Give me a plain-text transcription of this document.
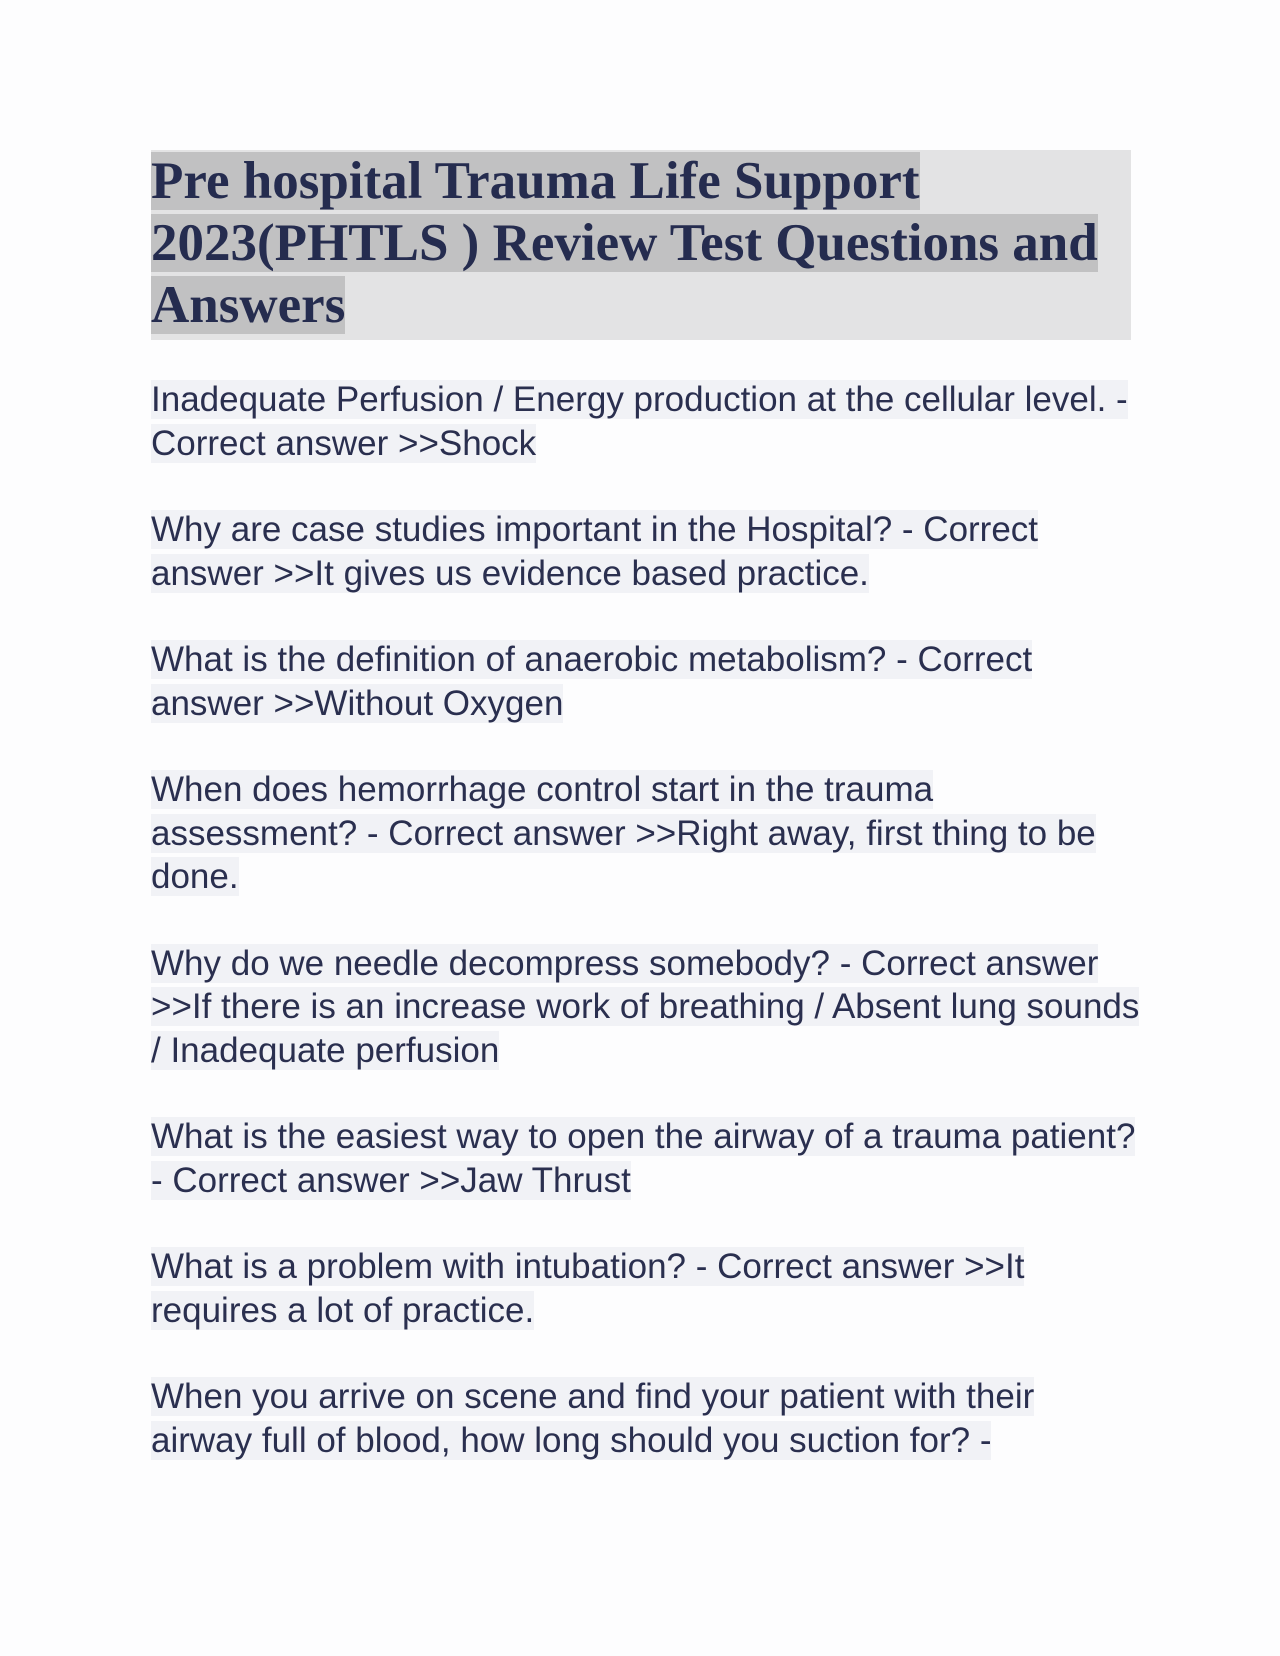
Pre hospital Trauma Life Support 2023(PHTLS ) Review Test Questions and Answers
Inadequate Perfusion / Energy production at the cellular level. - Correct answer >>Shock
Why are case studies important in the Hospital? - Correct answer >>It gives us evidence based practice.
What is the definition of anaerobic metabolism? - Correct answer >>Without Oxygen
When does hemorrhage control start in the trauma assessment? - Correct answer >>Right away, first thing to be done.
Why do we needle decompress somebody? - Correct answer >>If there is an increase work of breathing / Absent lung sounds / Inadequate perfusion
What is the easiest way to open the airway of a trauma patient? - Correct answer >>Jaw Thrust
What is a problem with intubation? - Correct answer >>It requires a lot of practice.
When you arrive on scene and find your patient with their airway full of blood, how long should you suction for? -
